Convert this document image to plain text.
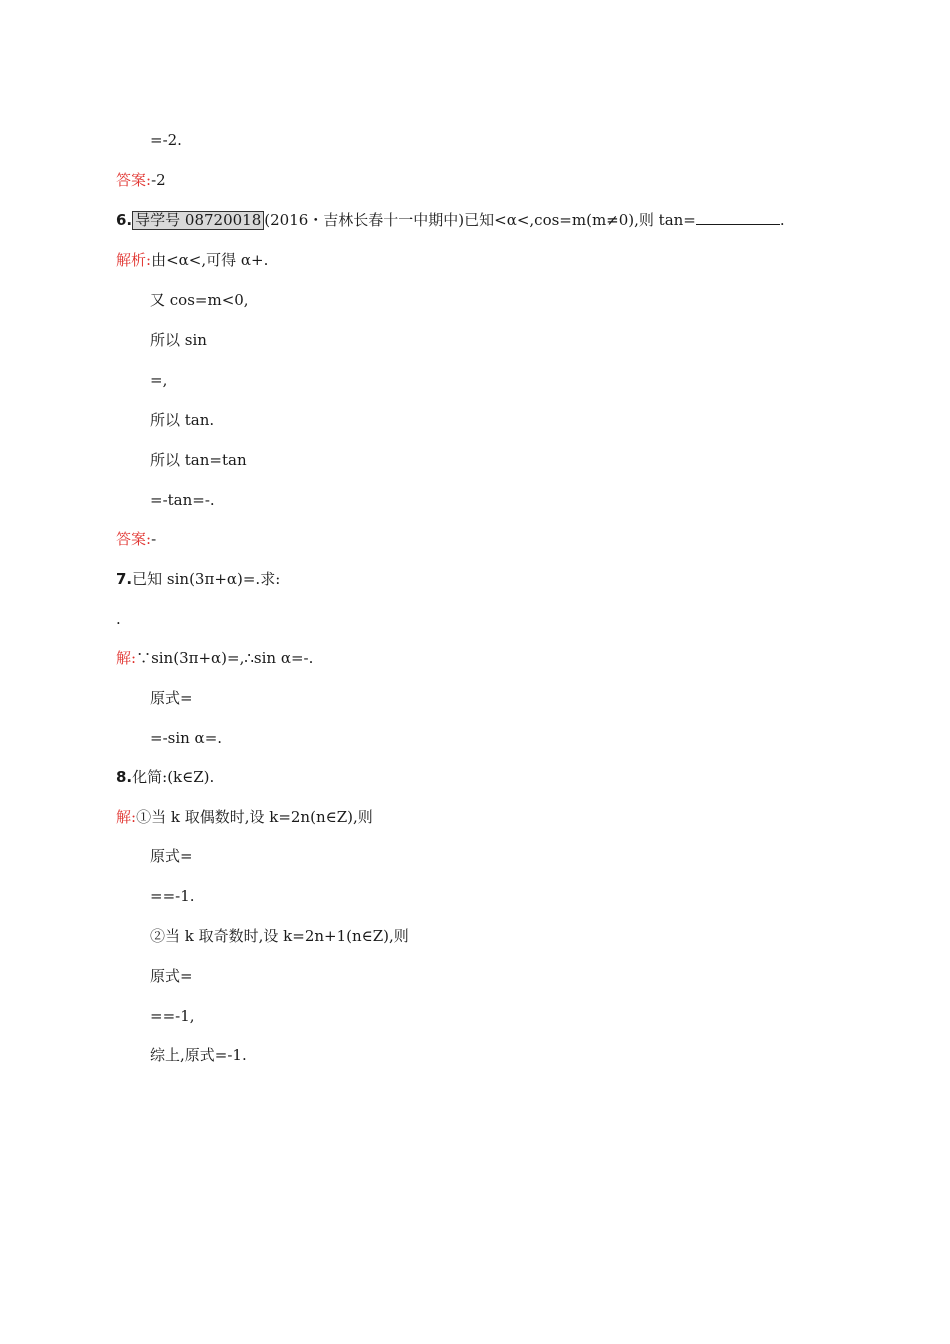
=-2.
答案:-2
6. 导学号 08720018 (2016・吉林长春十一中期中)已知<α<,cos=m(m≠0),则 tan=	.
解析:由<α<,可得 α+.
又 cos=m<0,
所以 sin
=,
所以 tan.
所以 tan=tan
=-tan=-.
答案:-
7.已知 sin(3π+α)=.求:
.
解:∵sin(3π+α)=,∴sin α=-.
原式=
=-sin α=.
8.化简:(k∈Z).
解:①当 k 取偶数时,设 k=2n(n∈Z),则
原式=
==-1.
②当 k 取奇数时,设 k=2n+1(n∈Z),则
原式=
==-1,
综上,原式=-1.
